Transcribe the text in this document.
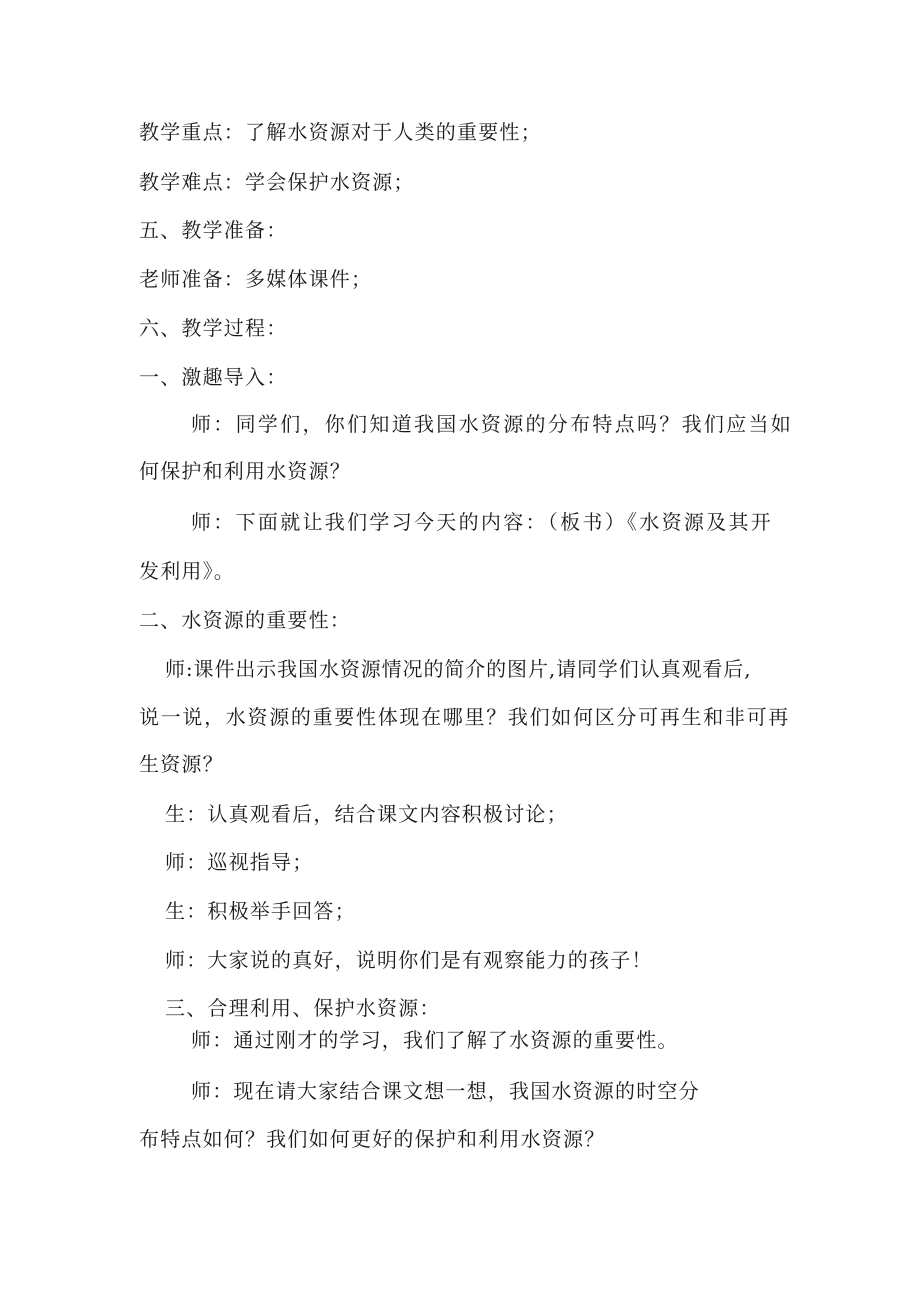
教学重点：了解水资源对于人类的重要性；
教学难点：学会保护水资源；
五、教学准备：
老师准备：多媒体课件；
六、教学过程：
一、激趣导入：
师：同学们，你们知道我国水资源的分布特点吗？我们应当如
何保护和利用水资源？
师：下面就让我们学习今天的内容：（板书）《水资源及其开
发利用》。
二、水资源的重要性：
师:课件出示我国水资源情况的简介的图片,请同学们认真观看后,
说一说，水资源的重要性体现在哪里？我们如何区分可再生和非可再
生资源？
生：认真观看后，结合课文内容积极讨论；
师：巡视指导；
生：积极举手回答；
师：大家说的真好，说明你们是有观察能力的孩子！
三、合理利用、保护水资源：
师：通过刚才的学习，我们了解了水资源的重要性。
师：现在请大家结合课文想一想，我国水资源的时空分
布特点如何？我们如何更好的保护和利用水资源？
